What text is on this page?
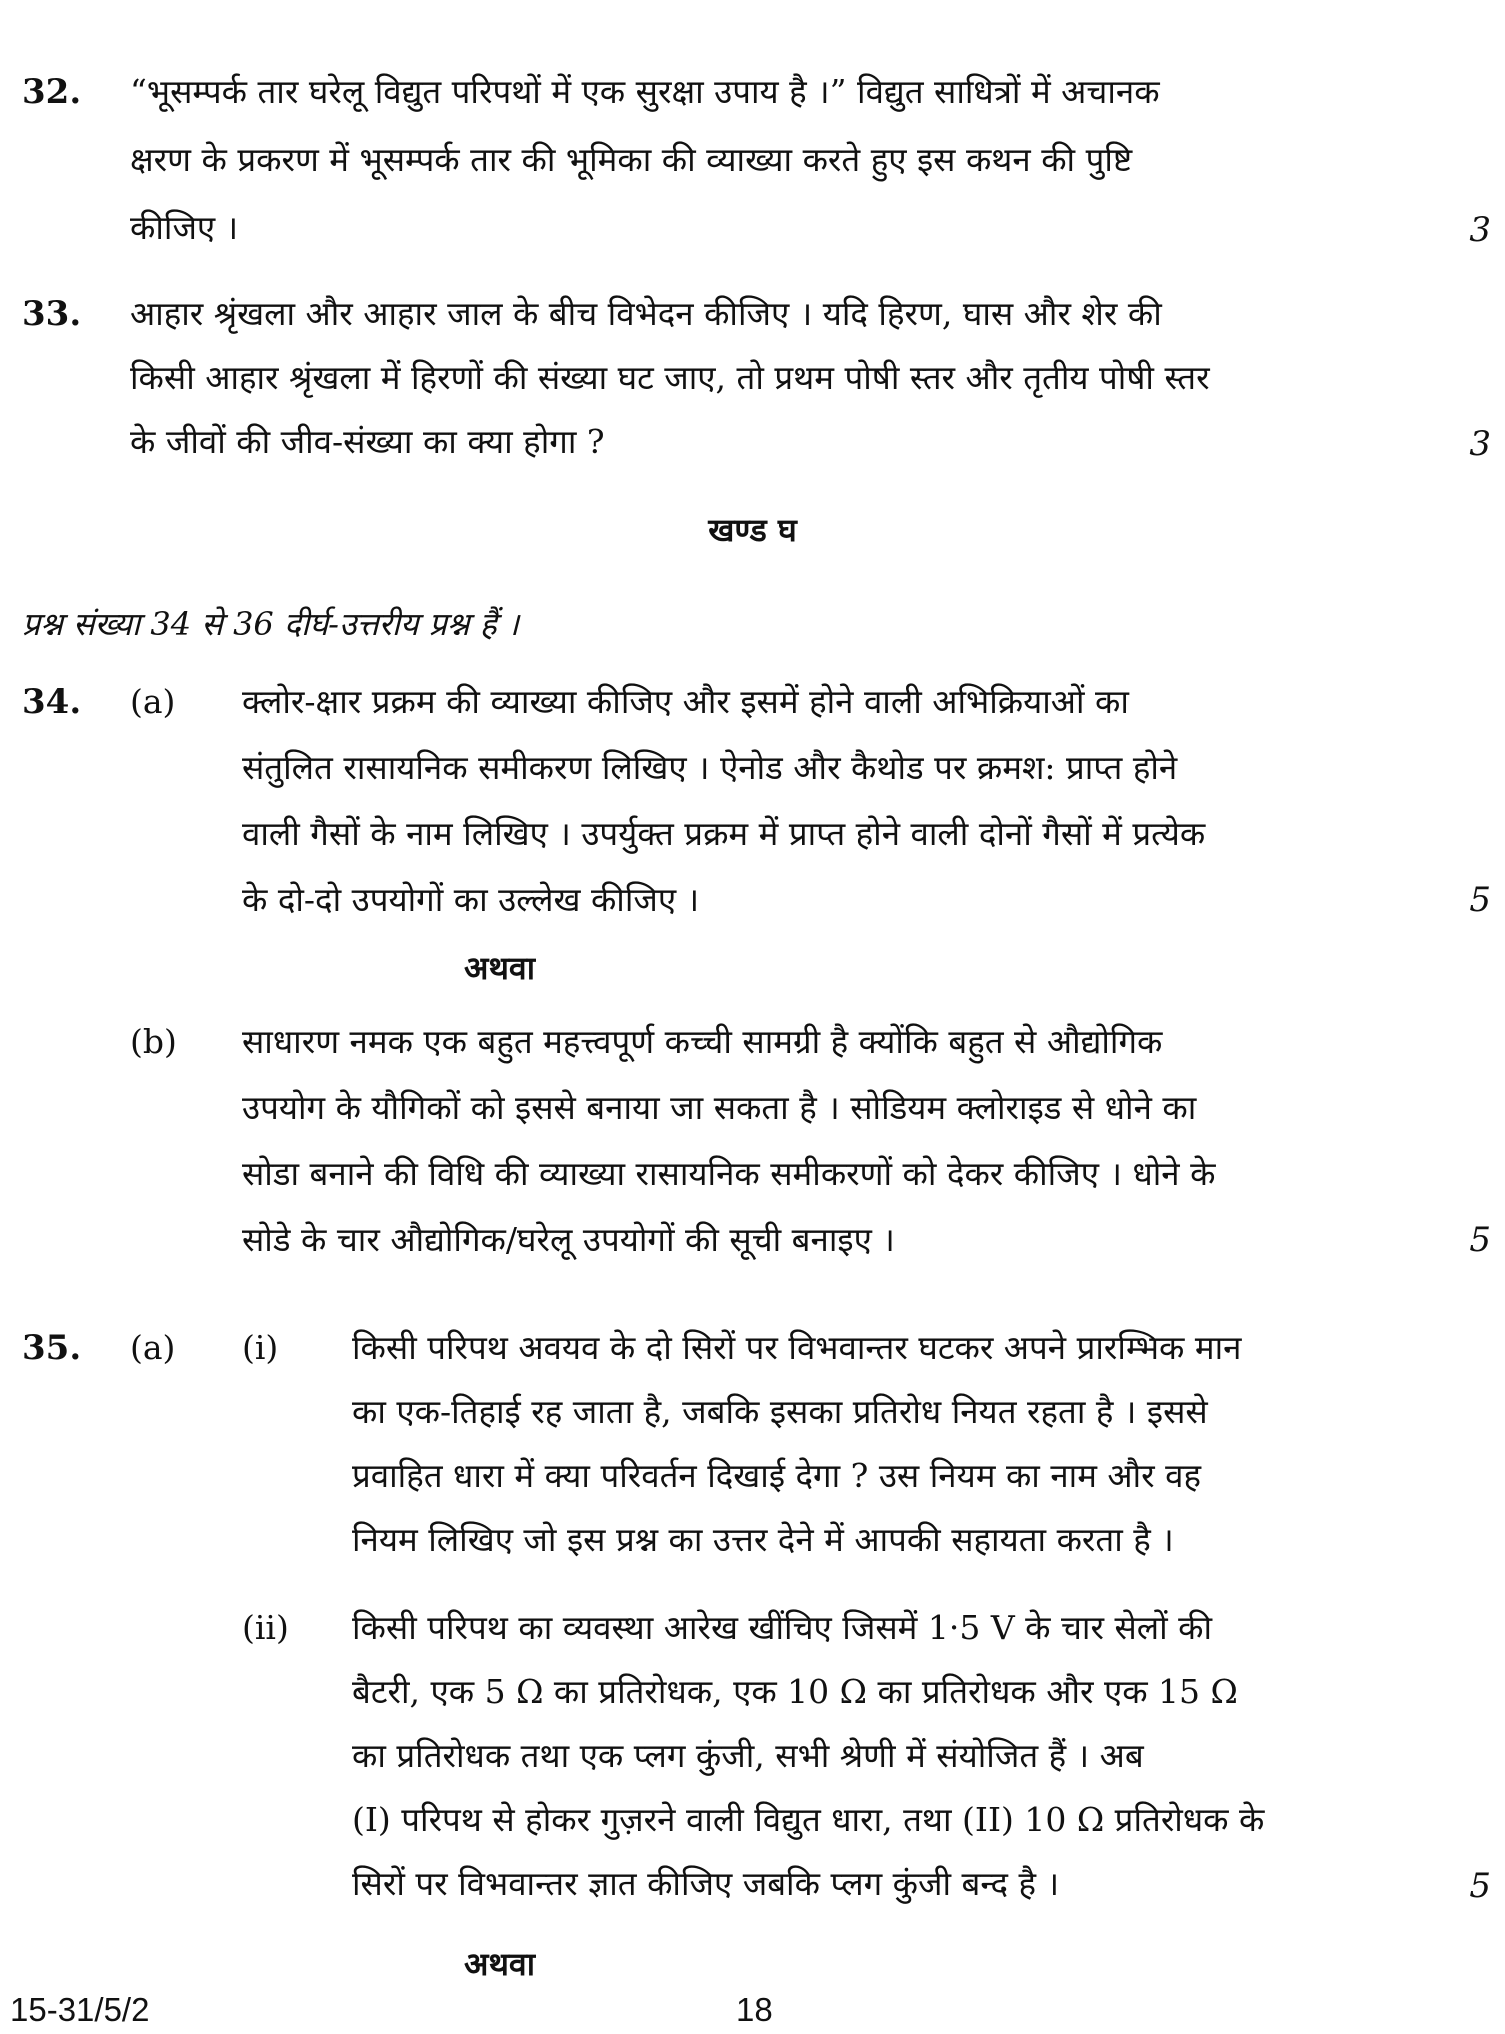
32. “भूसम्पर्क तार घरेलू विद्युत परिपथों में एक सुरक्षा उपाय है ।” विद्युत साधित्रों में अचानक
क्षरण के प्रकरण में भूसम्पर्क तार की भूमिका की व्याख्या करते हुए इस कथन की पुष्टि
कीजिए ।	3
33. आहार श्रृंखला और आहार जाल के बीच विभेदन कीजिए । यदि हिरण, घास और शेर की
किसी आहार श्रृंखला में हिरणों की संख्या घट जाए, तो प्रथम पोषी स्तर और तृतीय पोषी स्तर
के जीवों की जीव-संख्या का क्या होगा ?	3
खण्ड घ
प्रश्न संख्या 34 से 36 दीर्घ-उत्तरीय प्रश्न हैं ।
34. (a) क्लोर-क्षार प्रक्रम की व्याख्या कीजिए और इसमें होने वाली अभिक्रियाओं का
संतुलित रासायनिक समीकरण लिखिए । ऐनोड और कैथोड पर क्रमश: प्राप्त होने
वाली गैसों के नाम लिखिए । उपर्युक्त प्रक्रम में प्राप्त होने वाली दोनों गैसों में प्रत्येक
के दो-दो उपयोगों का उल्लेख कीजिए ।	5
अथवा
(b) साधारण नमक एक बहुत महत्त्वपूर्ण कच्ची सामग्री है क्योंकि बहुत से औद्योगिक
उपयोग के यौगिकों को इससे बनाया जा सकता है । सोडियम क्लोराइड से धोने का
सोडा बनाने की विधि की व्याख्या रासायनिक समीकरणों को देकर कीजिए । धोने के
सोडे के चार औद्योगिक/घरेलू उपयोगों की सूची बनाइए ।	5
35. (a) (i) किसी परिपथ अवयव के दो सिरों पर विभवान्तर घटकर अपने प्रारम्भिक मान
का एक-तिहाई रह जाता है, जबकि इसका प्रतिरोध नियत रहता है । इससे
प्रवाहित धारा में क्या परिवर्तन दिखाई देगा ? उस नियम का नाम और वह
नियम लिखिए जो इस प्रश्न का उत्तर देने में आपकी सहायता करता है ।
(ii) किसी परिपथ का व्यवस्था आरेख खींचिए जिसमें 1·5 V के चार सेलों की
बैटरी, एक 5 Ω का प्रतिरोधक, एक 10 Ω का प्रतिरोधक और एक 15 Ω
का प्रतिरोधक तथा एक प्लग कुंजी, सभी श्रेणी में संयोजित हैं । अब
(I) परिपथ से होकर गुज़रने वाली विद्युत धारा, तथा (II) 10 Ω प्रतिरोधक के
सिरों पर विभवान्तर ज्ञात कीजिए जबकि प्लग कुंजी बन्द है ।	5
अथवा
15-31/5/2	18
